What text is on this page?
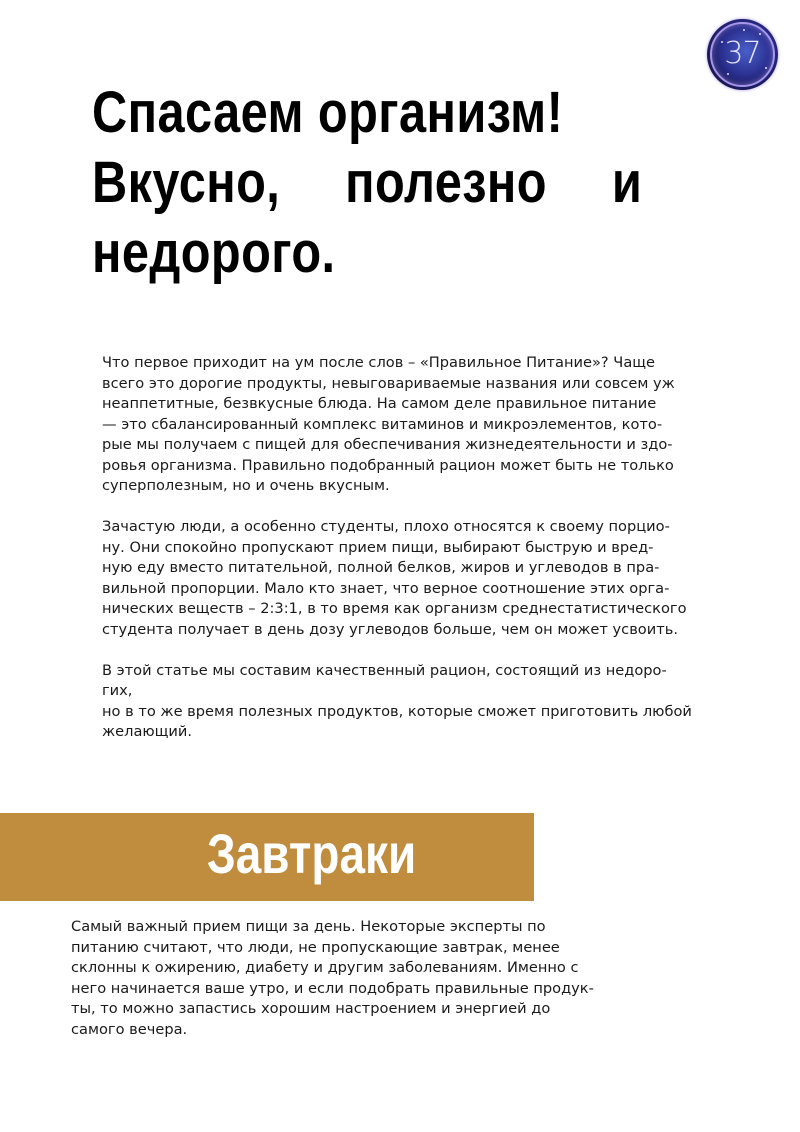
37
Спасаем организм!
Вкусно, полезно и
недорого.

Что первое приходит на ум после слов – «Правильное Питание»? Чаще
всего это дорогие продукты, невыговариваемые названия или совсем уж
неаппетитные, безвкусные блюда. На самом деле правильное питание
— это сбалансированный комплекс витаминов и микроэлементов, кото-
рые мы получаем с пищей для обеспечивания жизнедеятельности и здо-
ровья организма. Правильно подобранный рацион может быть не только
суперполезным, но и очень вкусным.

Зачастую люди, а особенно студенты, плохо относятся к своему порцио-
ну. Они спокойно пропускают прием пищи, выбирают быструю и вред-
ную еду вместо питательной, полной белков, жиров и углеводов в пра-
вильной пропорции. Мало кто знает, что верное соотношение этих орга-
нических веществ – 2:3:1, в то время как организм среднестатистического
студента получает в день дозу углеводов больше, чем он может усвоить.

В этой статье мы составим качественный рацион, состоящий из недоро-
гих,
но в то же время полезных продуктов, которые сможет приготовить любой
желающий.

Завтраки

Самый важный прием пищи за день. Некоторые эксперты по
питанию считают, что люди, не пропускающие завтрак, менее
склонны к ожирению, диабету и другим заболеваниям. Именно с
него начинается ваше утро, и если подобрать правильные продук-
ты, то можно запастись хорошим настроением и энергией до
самого вечера.
